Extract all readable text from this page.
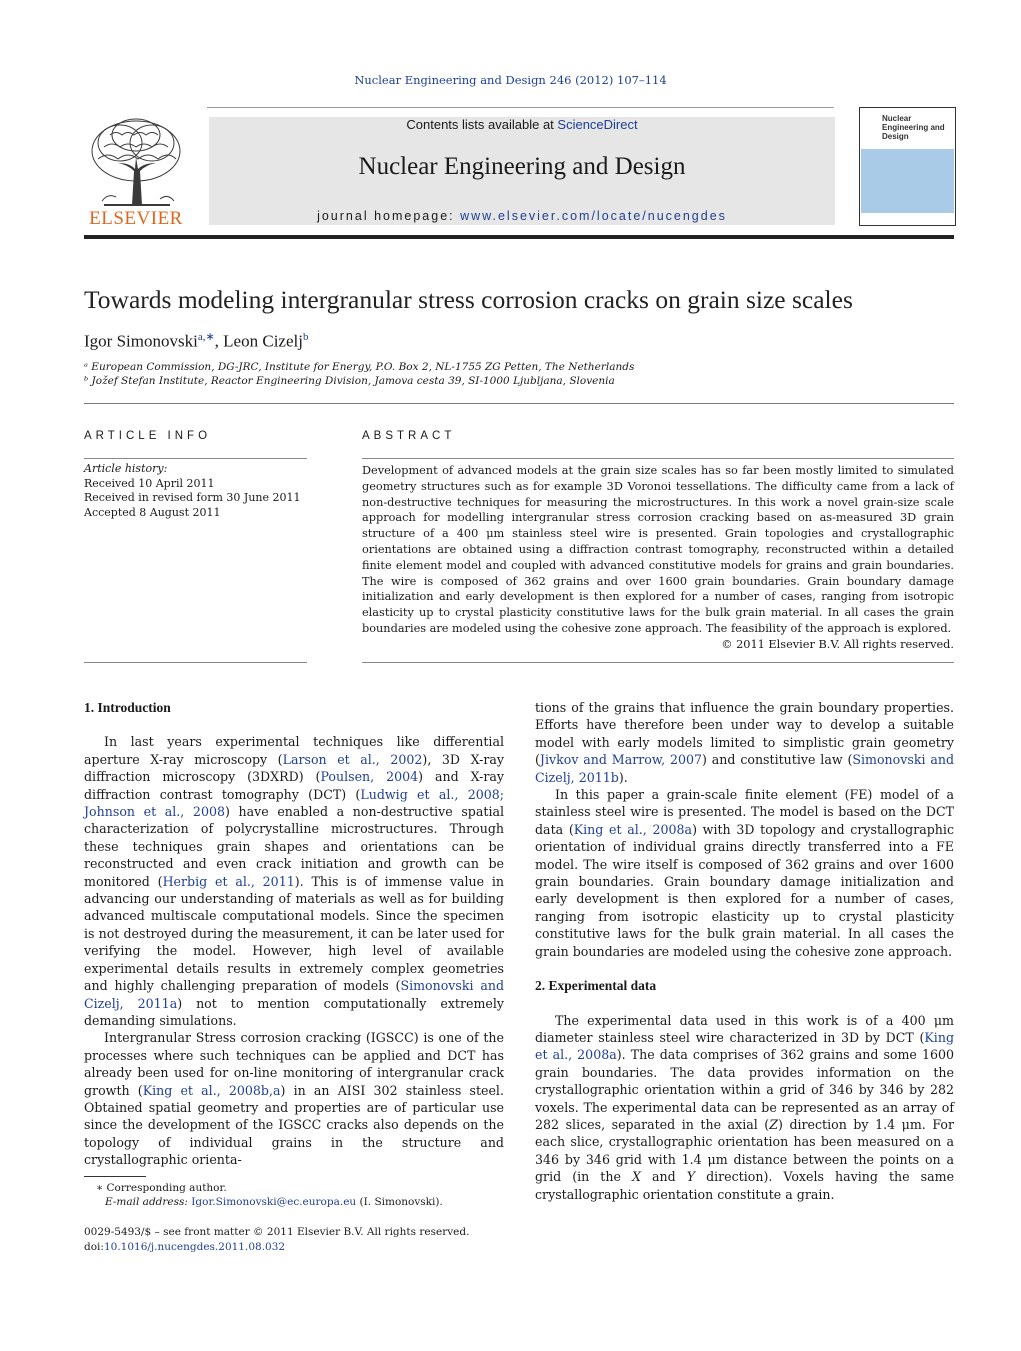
Nuclear Engineering and Design 246 (2012) 107–114
ELSEVIER
Contents lists available at ScienceDirect
Nuclear Engineering and Design
journal homepage: www.elsevier.com/locate/nucengdes
Nuclear Engineering and Design
Towards modeling intergranular stress corrosion cracks on grain size scales
Igor Simonovski$^{a,∗}$, Leon Cizelj$^b$
ᵃ European Commission, DG-JRC, Institute for Energy, P.O. Box 2, NL-1755 ZG Petten, The Netherlands
ᵇ Jožef Stefan Institute, Reactor Engineering Division, Jamova cesta 39, SI-1000 Ljubljana, Slovenia
ARTICLE INFO	ABSTRACT
Article history:
Received 10 April 2011
Received in revised form 30 June 2011
Accepted 8 August 2011
Development of advanced models at the grain size scales has so far been mostly limited to simulated geometry structures such as for example 3D Voronoi tessellations. The difficulty came from a lack of non-destructive techniques for measuring the microstructures. In this work a novel grain-size scale approach for modelling intergranular stress corrosion cracking based on as-measured 3D grain structure of a 400 μm stainless steel wire is presented. Grain topologies and crystallographic orientations are obtained using a diffraction contrast tomography, reconstructed within a detailed finite element model and coupled with advanced constitutive models for grains and grain boundaries. The wire is composed of 362 grains and over 1600 grain boundaries. Grain boundary damage initialization and early development is then explored for a number of cases, ranging from isotropic elasticity up to crystal plasticity constitutive laws for the bulk grain material. In all cases the grain boundaries are modeled using the cohesive zone approach. The feasibility of the approach is explored.
© 2011 Elsevier B.V. All rights reserved.
1. Introduction

In last years experimental techniques like differential aperture X-ray microscopy (Larson et al., 2002), 3D X-ray diffraction microscopy (3DXRD) (Poulsen, 2004) and X-ray diffraction contrast tomography (DCT) (Ludwig et al., 2008; Johnson et al., 2008) have enabled a non-destructive spatial characterization of polycrystalline microstructures. Through these techniques grain shapes and orientations can be reconstructed and even crack initiation and growth can be monitored (Herbig et al., 2011). This is of immense value in advancing our understanding of materials as well as for building advanced multiscale computational models. Since the specimen is not destroyed during the measurement, it can be later used for verifying the model. However, high level of available experimental details results in extremely complex geometries and highly challenging preparation of models (Simonovski and Cizelj, 2011a) not to mention computationally extremely demanding simulations.

Intergranular Stress corrosion cracking (IGSCC) is one of the processes where such techniques can be applied and DCT has already been used for on-line monitoring of intergranular crack growth (King et al., 2008b,a) in an AISI 302 stainless steel. Obtained spatial geometry and properties are of particular use since the development of the IGSCC cracks also depends on the topology of individual grains in the structure and crystallographic orienta-

tions of the grains that influence the grain boundary properties. Efforts have therefore been under way to develop a suitable model with early models limited to simplistic grain geometry (Jivkov and Marrow, 2007) and constitutive law (Simonovski and Cizelj, 2011b).

In this paper a grain-scale finite element (FE) model of a stainless steel wire is presented. The model is based on the DCT data (King et al., 2008a) with 3D topology and crystallographic orientation of individual grains directly transferred into a FE model. The wire itself is composed of 362 grains and over 1600 grain boundaries. Grain boundary damage initialization and early development is then explored for a number of cases, ranging from isotropic elasticity up to crystal plasticity constitutive laws for the bulk grain material. In all cases the grain boundaries are modeled using the cohesive zone approach.

2. Experimental data

The experimental data used in this work is of a 400 μm diameter stainless steel wire characterized in 3D by DCT (King et al., 2008a). The data comprises of 362 grains and some 1600 grain boundaries. The data provides information on the crystallographic orientation within a grid of 346 by 346 by 282 voxels. The experimental data can be represented as an array of 282 slices, separated in the axial (Z) direction by 1.4 μm. For each slice, crystallographic orientation has been measured on a 346 by 346 grid with 1.4 μm distance between the points on a grid (in the X and Y direction). Voxels having the same crystallographic orientation constitute a grain.

∗ Corresponding author.
E-mail address: Igor.Simonovski@ec.europa.eu (I. Simonovski).
0029-5493/$ – see front matter © 2011 Elsevier B.V. All rights reserved.
doi:10.1016/j.nucengdes.2011.08.032
